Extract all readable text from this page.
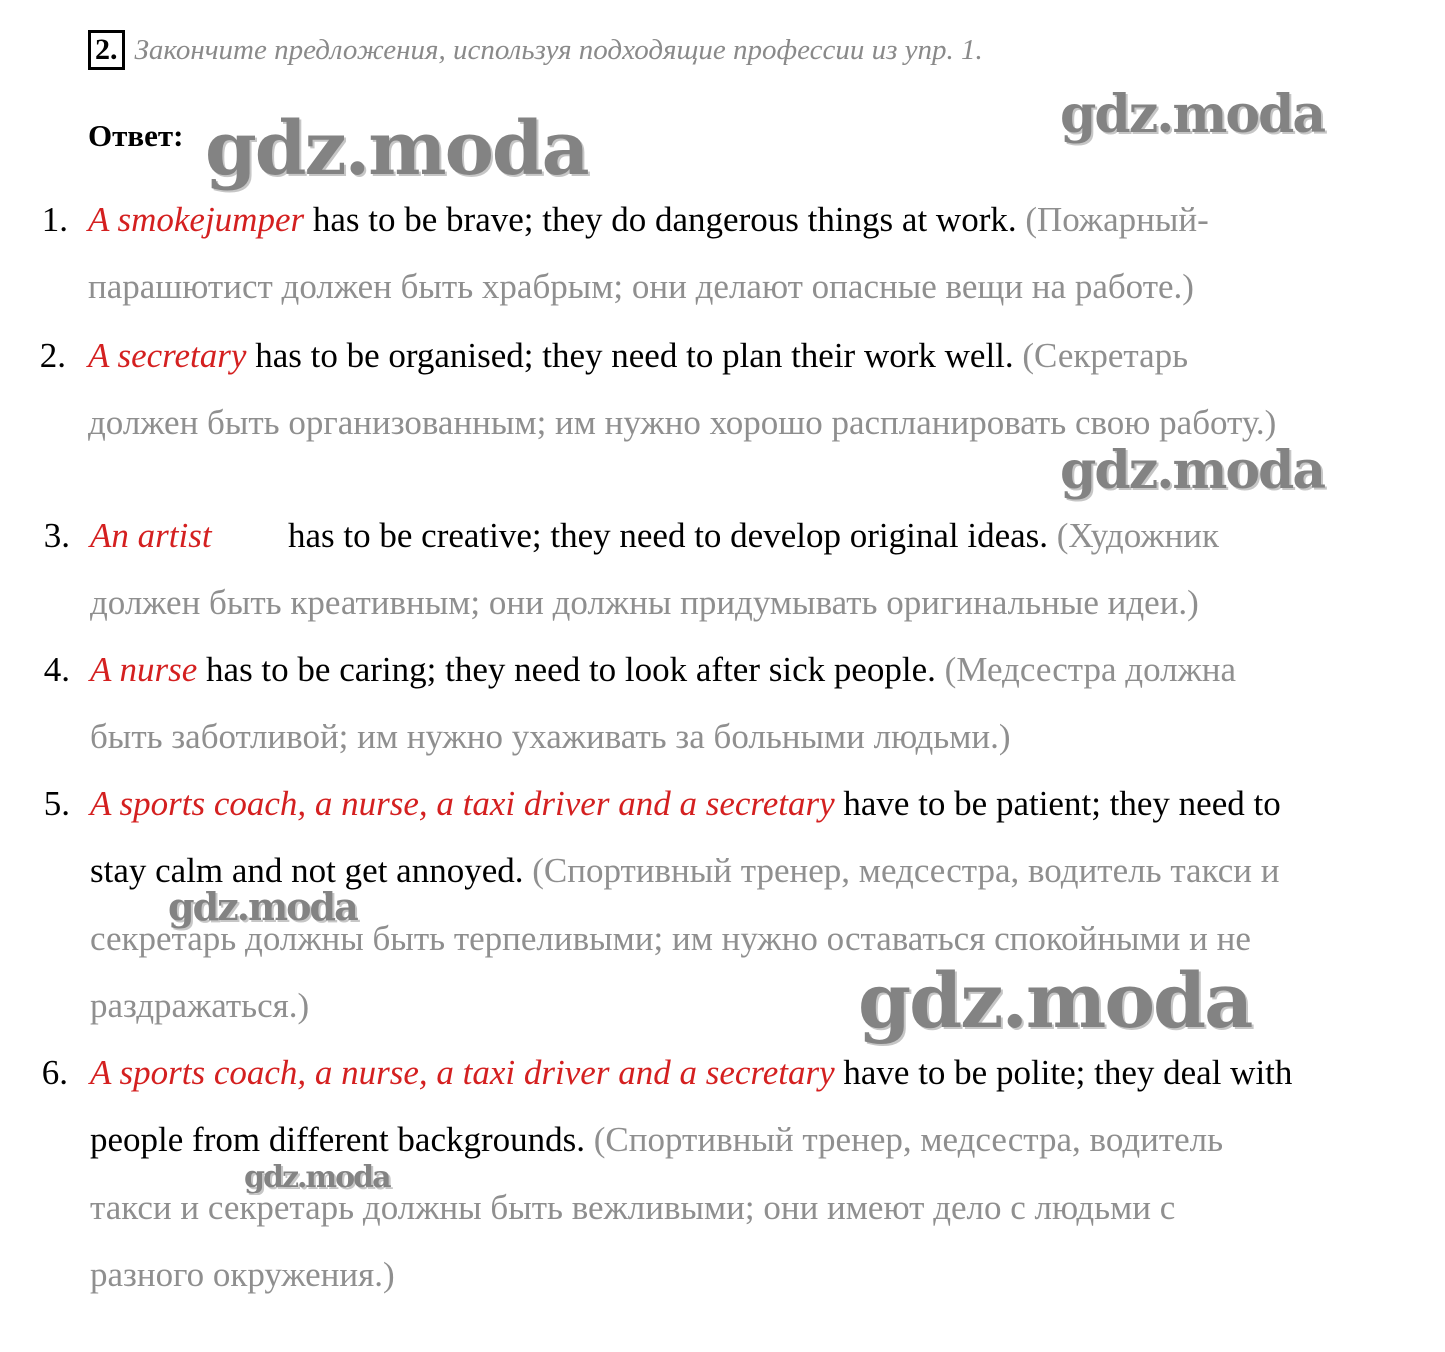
2. Закончите предложения, используя подходящие профессии из упр. 1.
Ответ:
1. A smokejumper has to be brave; they do dangerous things at work. (Пожарный-
парашютист должен быть храбрым; они делают опасные вещи на работе.)
2. A secretary has to be organised; they need to plan their work well. (Секретарь
должен быть организованным; им нужно хорошо распланировать свою работу.)
3. An artist has to be creative; they need to develop original ideas. (Художник
должен быть креативным; они должны придумывать оригинальные идеи.)
4. A nurse has to be caring; they need to look after sick people. (Медсестра должна
быть заботливой; им нужно ухаживать за больными людьми.)
5. A sports coach, a nurse, a taxi driver and a secretary have to be patient; they need to
stay calm and not get annoyed. (Спортивный тренер, медсестра, водитель такси и
секретарь должны быть терпеливыми; им нужно оставаться спокойными и не
раздражаться.)
6. A sports coach, a nurse, a taxi driver and a secretary have to be polite; they deal with
people from different backgrounds. (Спортивный тренер, медсестра, водитель
такси и секретарь должны быть вежливыми; они имеют дело с людьми с
разного окружения.)
gdz.moda	gdz.moda
gdz.moda
gdz.moda
gdz.moda
gdz.moda
